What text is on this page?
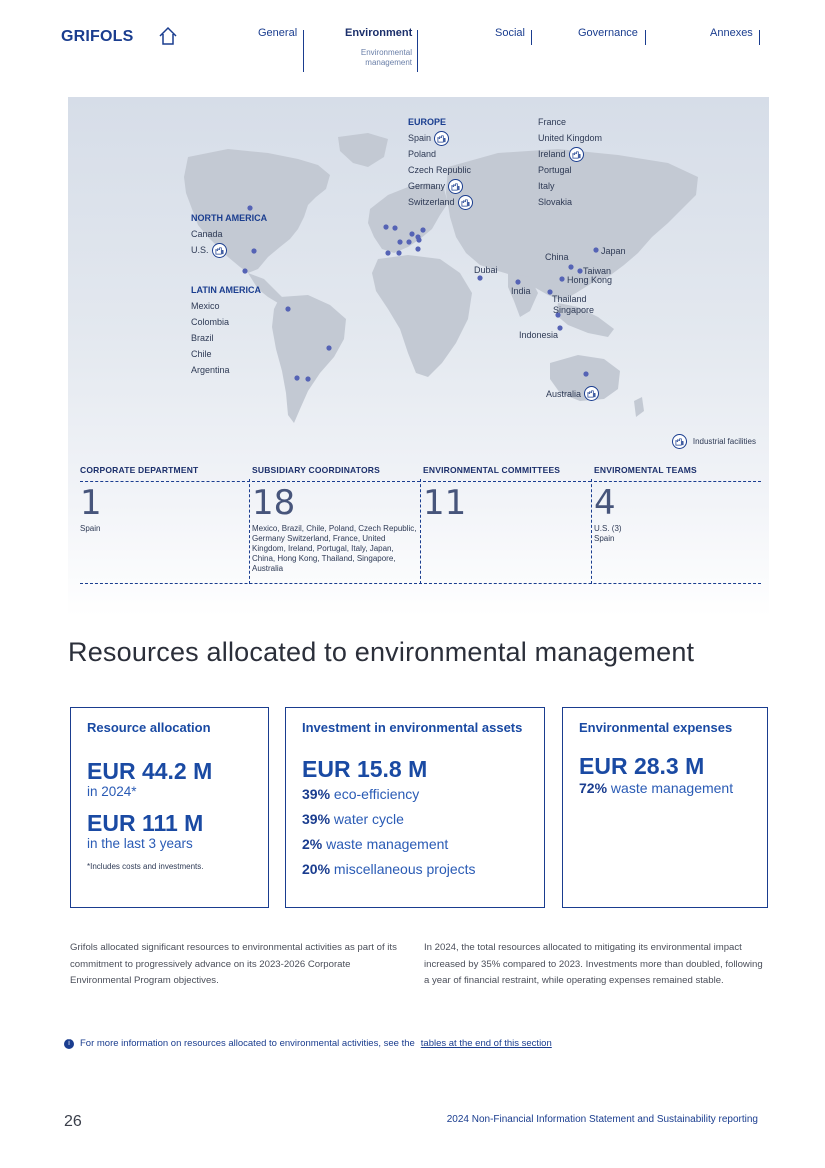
GRIFOLS	General	Environment
Environmental management
Social	Governance	Annexes
NORTH AMERICA
Canada
U.S.
LATIN AMERICA
Mexico
Colombia
Brazil
Chile
Argentina
EUROPE
Spain
Poland
Czech Republic
Germany
Switzerland
France
United Kingdom
Ireland
Portugal
Italy
Slovakia
Dubai
India
China
Japan
Taiwan
Hong Kong
Thailand
Singapore
Indonesia
Australia
Industrial facilities
CORPORATE DEPARTMENT
1
Spain
SUBSIDIARY COORDINATORS
18
Mexico, Brazil, Chile, Poland, Czech Republic, Germany Switzerland, France, United Kingdom, Ireland, Portugal, Italy, Japan, China, Hong Kong, Thailand, Singapore, Australia
ENVIRONMENTAL COMMITTEES
11
ENVIROMENTAL TEAMS
4
U.S. (3)
Spain
Resources allocated to environmental management
Resource allocation
EUR 44.2 M
in 2024*
EUR 111 M
in the last 3 years
*Includes costs and investments.
Investment in environmental assets
EUR 15.8 M
39% eco-efficiency
39% water cycle
2% waste management
20% miscellaneous projects
Environmental expenses
EUR 28.3 M
72% waste management

Grifols allocated significant resources to environmental activities as part of its commitment to progressively advance on its 2023-2026 Corporate Environmental Program objectives.

In 2024, the total resources allocated to mitigating its environmental impact increased by 35% compared to 2023. Investments more than doubled, following a year of financial restraint, while operating expenses remained stable.

i	For more information on resources allocated to environmental activities, see the tables at the end of this section
26	2024 Non-Financial Information Statement and Sustainability reporting
